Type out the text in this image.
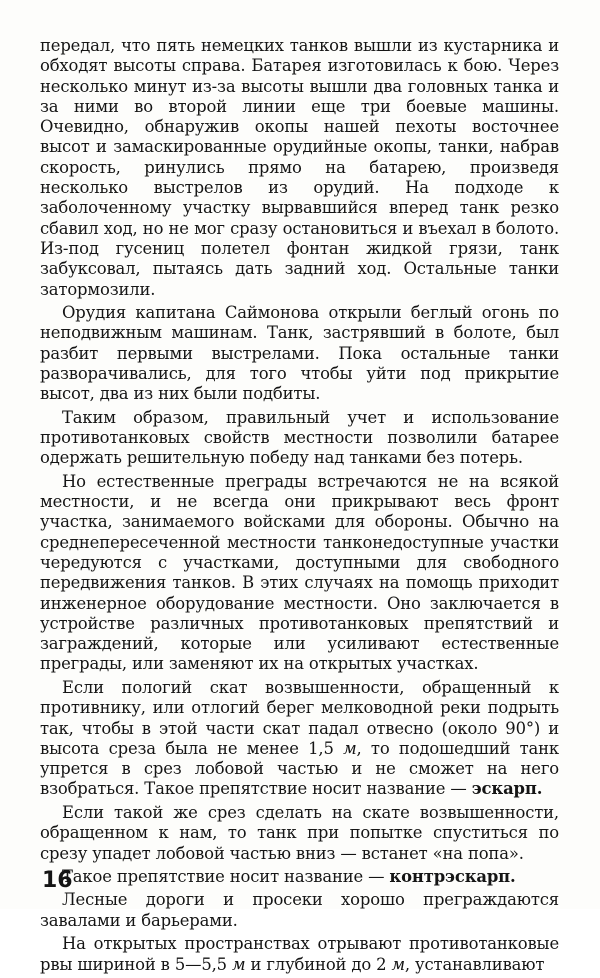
передал, что пять немецких танков вышли из кустарника и обходят высоты справа. Батарея изготовилась к бою. Через несколько минут из-за высоты вышли два головных танка и за ними во второй линии еще три боевые машины. Очевидно, обнаружив окопы нашей пехоты восточнее высот и замаскированные орудийные окопы, танки, набрав скорость, ринулись прямо на батарею, произведя несколько выстрелов из орудий. На подходе к заболоченному участку вырвавшийся вперед танк резко сбавил ход, но не мог сразу остановиться и въехал в болото. Из-под гусениц полетел фонтан жидкой грязи, танк забуксовал, пытаясь дать задний ход. Остальные танки затормозили.

Орудия капитана Саймонова открыли беглый огонь по неподвижным машинам. Танк, застрявший в болоте, был разбит первыми выстрелами. Пока остальные танки разворачивались, для того чтобы уйти под прикрытие высот, два из них были подбиты.

Таким образом, правильный учет и использование противотанковых свойств местности позволили батарее одержать решительную победу над танками без потерь.

Но естественные преграды встречаются не на всякой местности, и не всегда они прикрывают весь фронт участка, занимаемого войсками для обороны. Обычно на среднепересеченной местности танконедоступные участки чередуются с участками, доступными для свободного передвижения танков. В этих случаях на помощь приходит инженерное оборудование местности. Оно заключается в устройстве различных противотанковых препятствий и заграждений, которые или усиливают естественные преграды, или заменяют их на открытых участках.

Если пологий скат возвышенности, обращенный к противнику, или отлогий берег мелководной реки подрыть так, чтобы в этой части скат падал отвесно (около 90°) и высота среза была не менее 1,5 м, то подошедший танк упрется в срез лобовой частью и не сможет на него взобраться. Такое препятствие носит название — эскарп.

Если такой же срез сделать на скате возвышенности, обращенном к нам, то танк при попытке спуститься по срезу упадет лобовой частью вниз — встанет «на попа».

Такое препятствие носит название — контрэскарп.

Лесные дороги и просеки хорошо преграждаются завалами и барьерами.

На открытых пространствах отрывают противотанковые рвы шириной в 5—5,5 м и глубиной до 2 м, устанавливают

16
